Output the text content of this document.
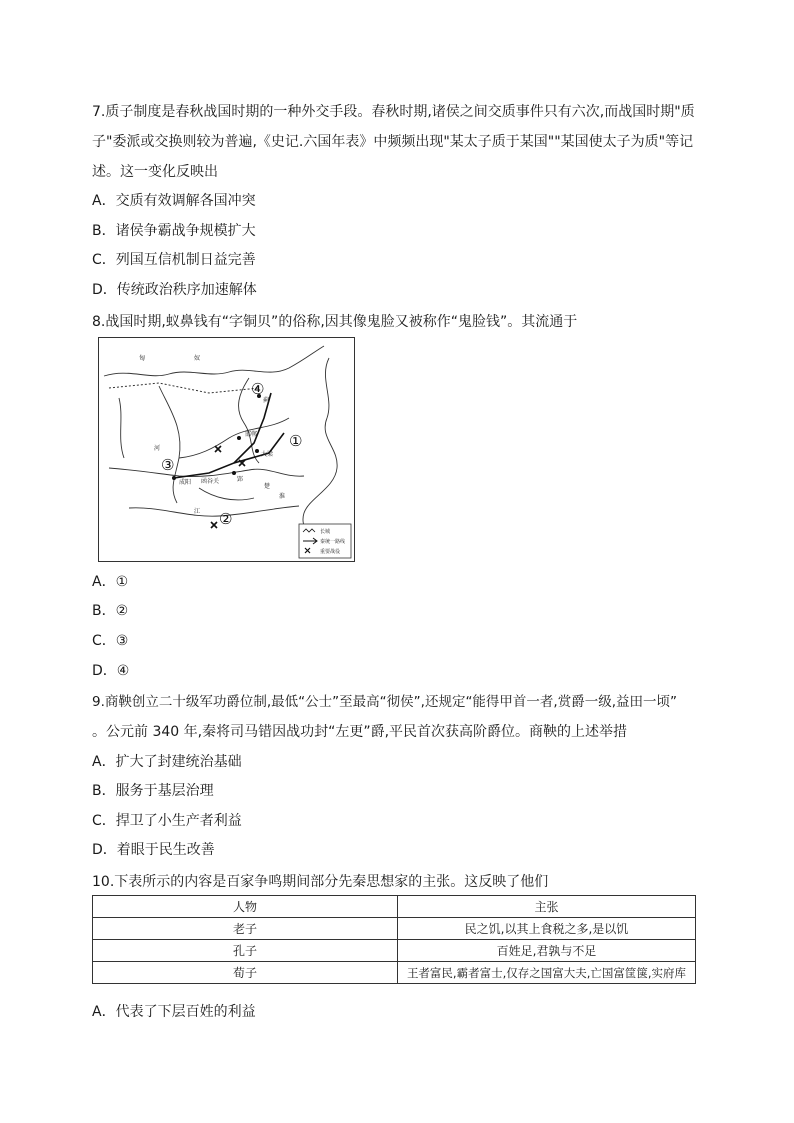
7.质子制度是春秋战国时期的一种外交手段。春秋时期,诸侯之间交质事件只有六次,而战国时期"质
子"委派或交换则较为普遍,《史记.六国年表》中频频出现"某太子质于某国""某国使太子为质"等记
述。这一变化反映出
A．交质有效调解各国冲突
B．诸侯争霸战争规模扩大
C．列国互信机制日益完善
D．传统政治秩序加速解体
8.战国时期,蚁鼻钱有“字铜贝”的俗称,因其像鬼脸又被称作“鬼脸钱”。其流通于
①
②
③
④
匈	奴
邯郸
大梁
郢
成阳 函谷关
蓟
楚
江
淮
河
长城
秦统一路线
重要战役
A．①
B．②
C．③
D．④
9.商鞅创立二十级军功爵位制,最低“公士”至最高“彻侯”,还规定“能得甲首一者,赏爵一级,益田一顷”
。公元前 340 年,秦将司马错因战功封“左更”爵,平民首次获高阶爵位。商鞅的上述举措
A．扩大了封建统治基础
B．服务于基层治理
C．捍卫了小生产者利益
D．着眼于民生改善
10.下表所示的内容是百家争鸣期间部分先秦思想家的主张。这反映了他们
人物	主张
老子	民之饥,以其上食税之多,是以饥
孔子	百姓足,君孰与不足
荀子	王者富民,霸者富士,仅存之国富大夫,亡国富筐箧,实府库
A．代表了下层百姓的利益
